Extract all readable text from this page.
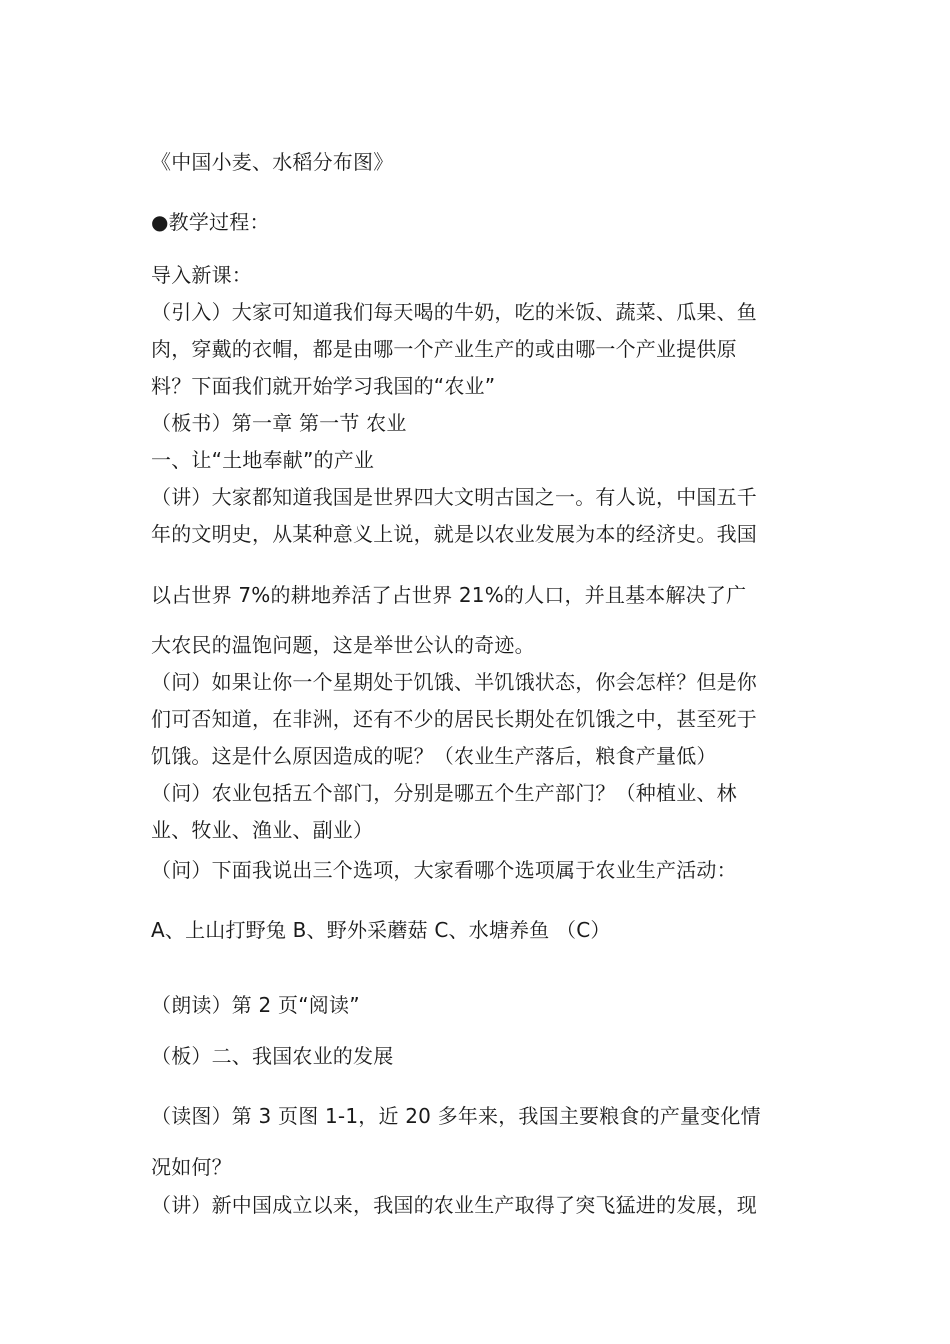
《中国小麦、水稻分布图》
●教学过程：
导入新课：
（引入）大家可知道我们每天喝的牛奶，吃的米饭、蔬菜、瓜果、鱼
肉，穿戴的衣帽，都是由哪一个产业生产的或由哪一个产业提供原
料？下面我们就开始学习我国的“农业”
（板书）第一章 第一节 农业
一、让“土地奉献”的产业
（讲）大家都知道我国是世界四大文明古国之一。有人说，中国五千
年的文明史，从某种意义上说，就是以农业发展为本的经济史。我国
以占世界 7%的耕地养活了占世界 21%的人口，并且基本解决了广
大农民的温饱问题，这是举世公认的奇迹。
（问）如果让你一个星期处于饥饿、半饥饿状态，你会怎样？但是你
们可否知道，在非洲，还有不少的居民长期处在饥饿之中，甚至死于
饥饿。这是什么原因造成的呢？（农业生产落后，粮食产量低）
（问）农业包括五个部门，分别是哪五个生产部门？（种植业、林
业、牧业、渔业、副业）
（问）下面我说出三个选项，大家看哪个选项属于农业生产活动：
A、上山打野兔 B、野外采蘑菇 C、水塘养鱼 （C）
（朗读）第 2 页“阅读”
（板）二、我国农业的发展
（读图）第 3 页图 1-1，近 20 多年来，我国主要粮食的产量变化情
况如何？
（讲）新中国成立以来，我国的农业生产取得了突飞猛进的发展，现
